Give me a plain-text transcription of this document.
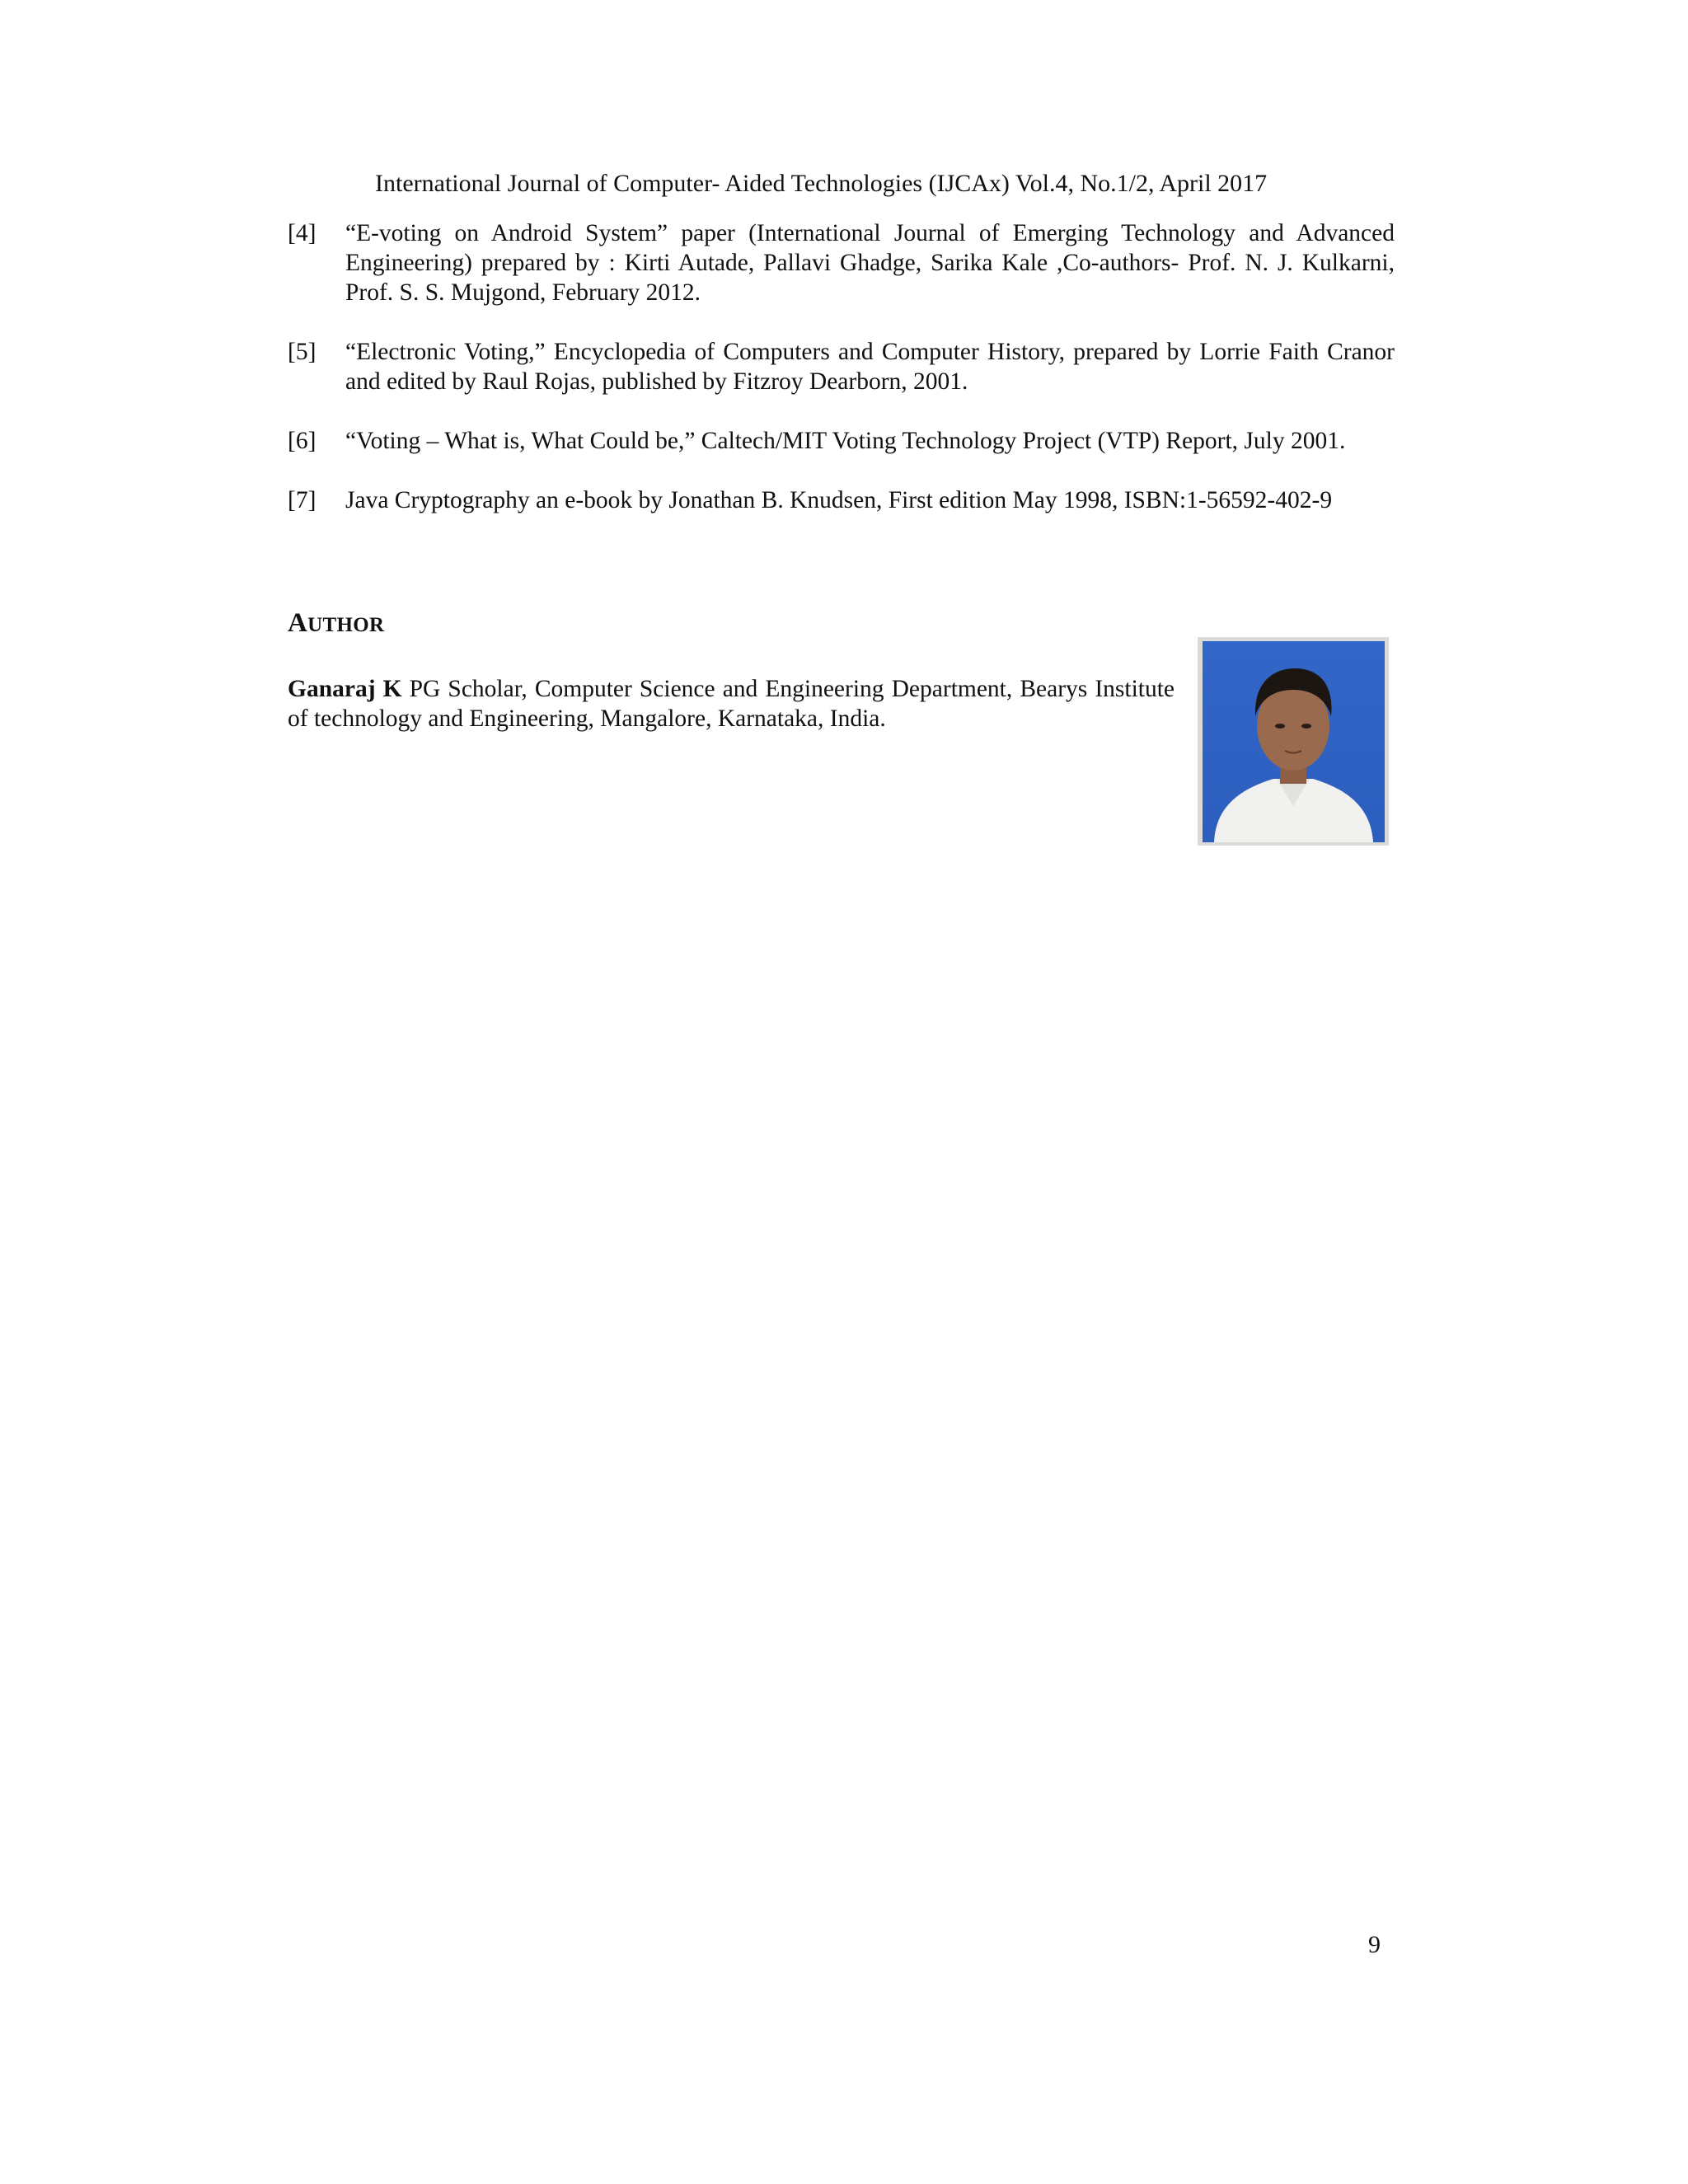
International Journal of Computer- Aided Technologies (IJCAx) Vol.4, No.1/2, April 2017
[4]	“E-voting on Android System” paper (International Journal of Emerging Technology and Advanced Engineering) prepared by : Kirti Autade, Pallavi Ghadge, Sarika Kale ,Co-authors- Prof. N. J. Kulkarni, Prof. S. S. Mujgond, February 2012.
[5]	“Electronic Voting,” Encyclopedia of Computers and Computer History, prepared by Lorrie Faith Cranor and edited by Raul Rojas, published by Fitzroy Dearborn, 2001.
[6]	“Voting – What is, What Could be,” Caltech/MIT Voting Technology Project (VTP) Report, July 2001.
[7]	Java Cryptography an e-book by Jonathan B. Knudsen, First edition May 1998, ISBN:1-56592-402-9
AUTHOR
Ganaraj K PG Scholar, Computer Science and Engineering Department, Bearys Institute of technology and Engineering, Mangalore, Karnataka, India.
9
